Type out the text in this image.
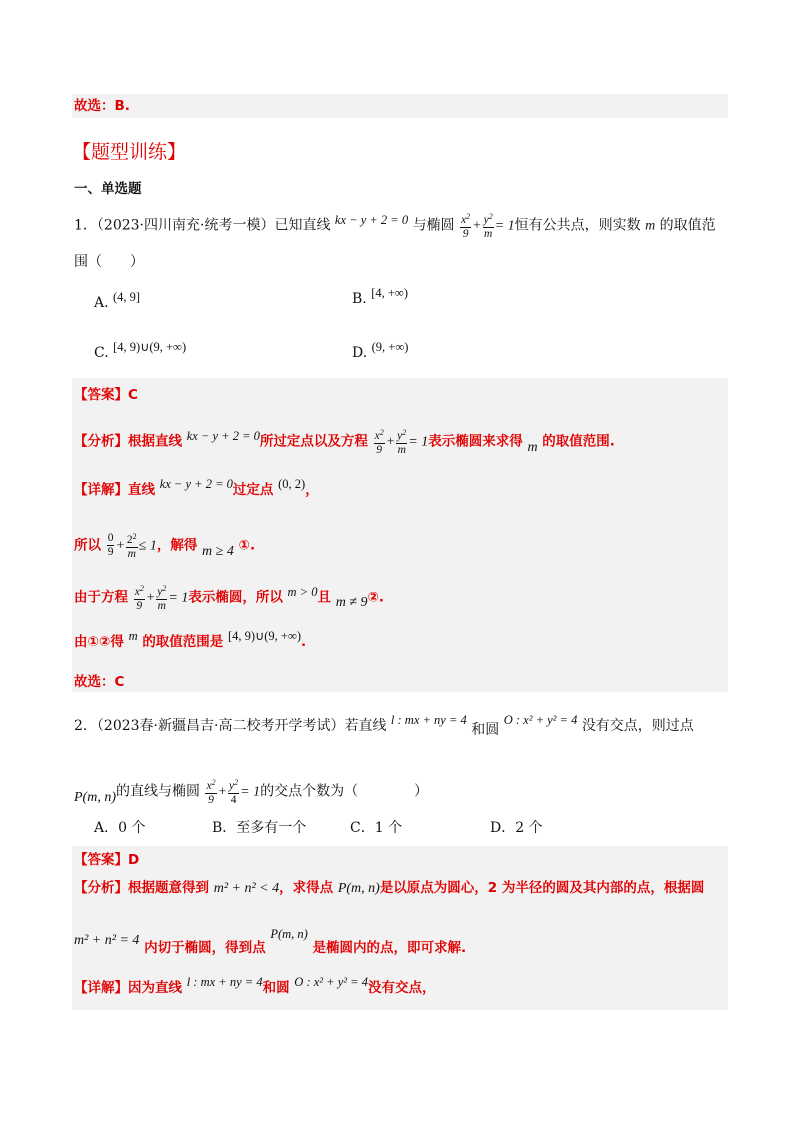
故选：B.
【题型训练】
一、单选题
1．（2023·四川南充·统考一模）已知直线 kx − y + 2 = 0 与椭圆 $\frac{x^2}{9} + \frac{y^2}{m} = 1$恒有公共点，则实数 m 的取值范
围（　　）
A. (4, 9]	B. [4, +∞)
C. [4, 9)∪(9, +∞)	D. (9, +∞)
【答案】C
【分析】根据直线 kx − y + 2 = 0所过定点以及方程 $\frac{x^2}{9} + \frac{y^2}{m} = 1$表示椭圆来求得 m 的取值范围.
【详解】直线 kx − y + 2 = 0过定点 (0, 2)，
所以 $\frac{0}{9} + \frac{2^2}{m} \le 1$，解得 m ≥ 4 ①.
由于方程 $\frac{x^2}{9} + \frac{y^2}{m} = 1$表示椭圆，所以 m > 0且 m ≠ 9②.
由①②得 m 的取值范围是 [4, 9)∪(9, +∞).
故选：C
2．（2023春·新疆昌吉·高二校考开学考试）若直线 l : mx + ny = 4 和圆 O : x² + y² = 4 没有交点，则过点
P(m, n)的直线与椭圆 $\frac{x^2}{9} + \frac{y^2}{4} = 1$的交点个数为（　　　　）
A．0 个	B．至多有一个	C．1 个	D．2 个
【答案】D
【分析】根据题意得到 m² + n² < 4，求得点 P(m, n)是以原点为圆心，2 为半径的圆及其内部的点，根据圆
m² + n² = 4 内切于椭圆，得到点 P(m, n) 是椭圆内的点，即可求解.
【详解】因为直线 l : mx + ny = 4和圆 O : x² + y² = 4没有交点，
